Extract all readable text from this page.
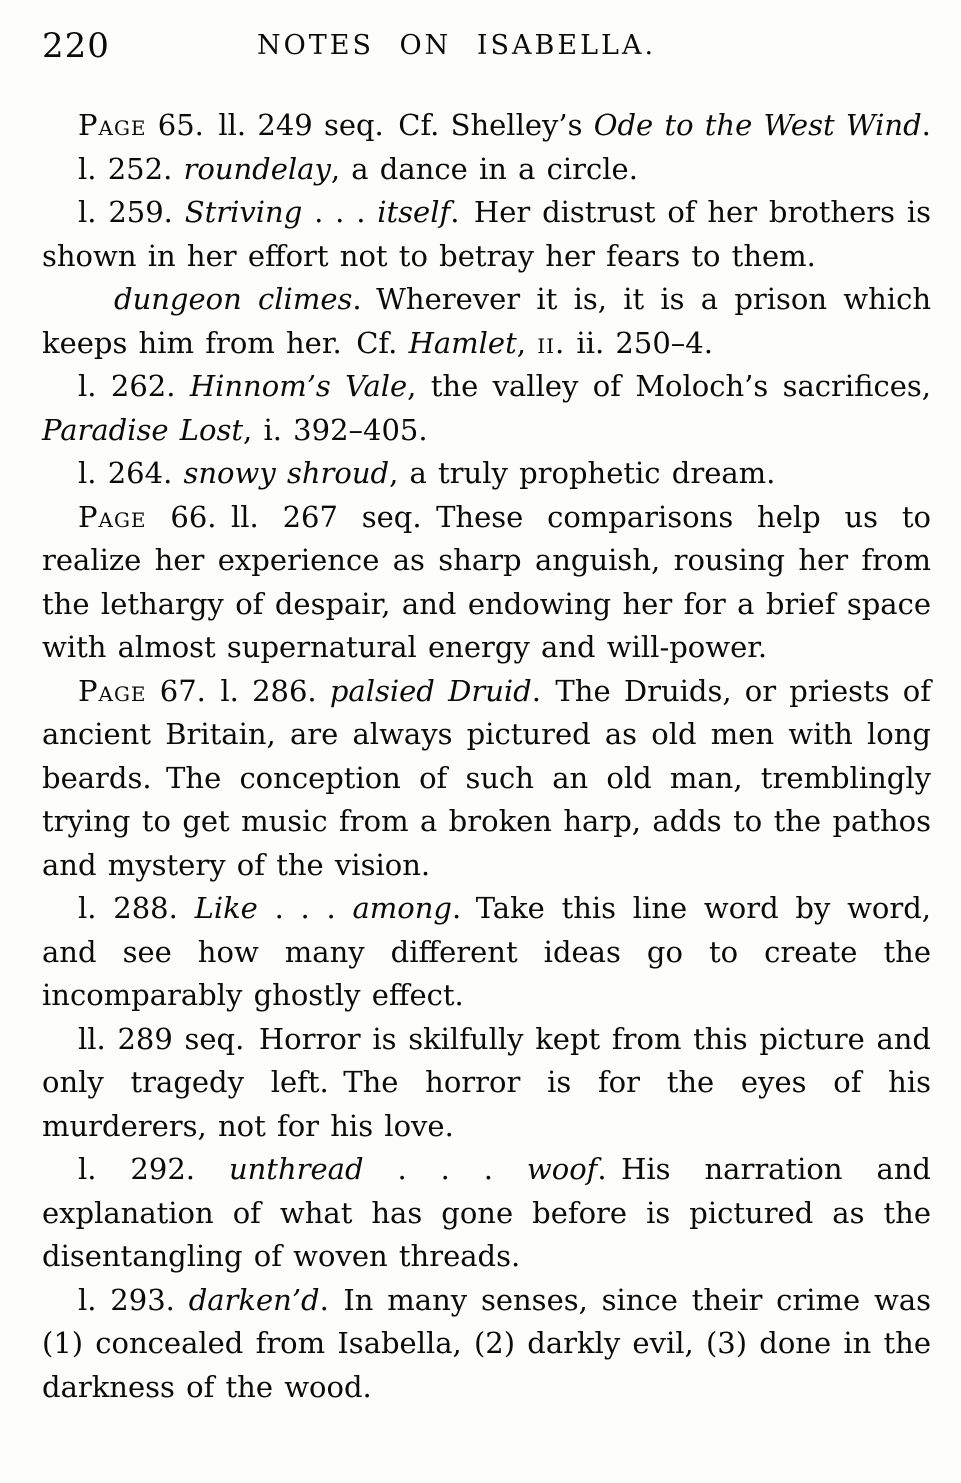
220	NOTES ON ISABELLA.

Page 65. ll. 249 seq. Cf. Shelley’s Ode to the West Wind.

l. 252. roundelay, a dance in a circle.

l. 259. Striving . . . itself. Her distrust of her brothers is shown in her effort not to betray her fears to them.

dungeon climes. Wherever it is, it is a prison which keeps him from her. Cf. Hamlet, ii. ii. 250–4.

l. 262. Hinnom’s Vale, the valley of Moloch’s sacrifices, Paradise Lost, i. 392–405.

l. 264. snowy shroud, a truly prophetic dream.

Page 66. ll. 267 seq. These comparisons help us to realize her experience as sharp anguish, rousing her from the lethargy of despair, and endowing her for a brief space with almost supernatural energy and will-power.

Page 67. l. 286. palsied Druid. The Druids, or priests of ancient Britain, are always pictured as old men with long beards. The conception of such an old man, tremblingly trying to get music from a broken harp, adds to the pathos and mystery of the vision.

l. 288. Like . . . among. Take this line word by word, and see how many different ideas go to create the incomparably ghostly effect.

ll. 289 seq. Horror is skilfully kept from this picture and only tragedy left. The horror is for the eyes of his murderers, not for his love.

l. 292. unthread . . . woof. His narration and explanation of what has gone before is pictured as the disentangling of woven threads.

l. 293. darken’d. In many senses, since their crime was (1) concealed from Isabella, (2) darkly evil, (3) done in the darkness of the wood.
